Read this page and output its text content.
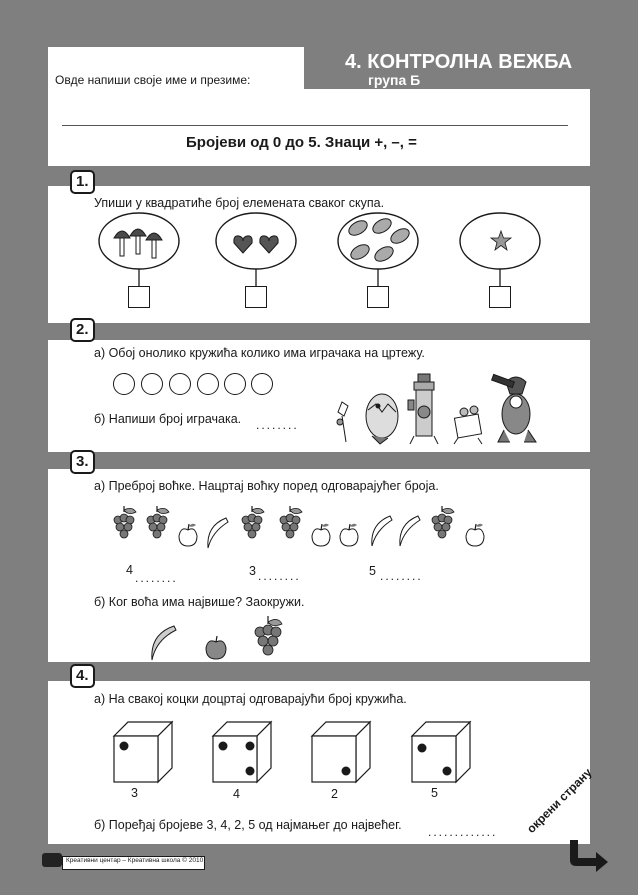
Овде напиши своје име и презиме:
4. КОНТРОЛНА ВЕЖБА
група Б
Бројеви од 0 до 5. Знаци +, –, =
1.
Упиши у квадратиће број елемената сваког скупа.
2.
а) Обој онолико кружића колико има играчака на цртежу.
б) Напиши број играчака. ........
3.
а) Преброј воћке. Нацртај воћку поред одговарајућег броја.
4
........	3 ........	5 ........
б) Ког воћа има највише? Заокружи.
4.
а) На свакој коцки доцртај одговарајући број кружића.
3	4	2	5
б) Поређај бројеве 3, 4, 2, 5 од најмањег до највећег. .............
Креативни центар – Креативна школа © 2010
окрени страну
